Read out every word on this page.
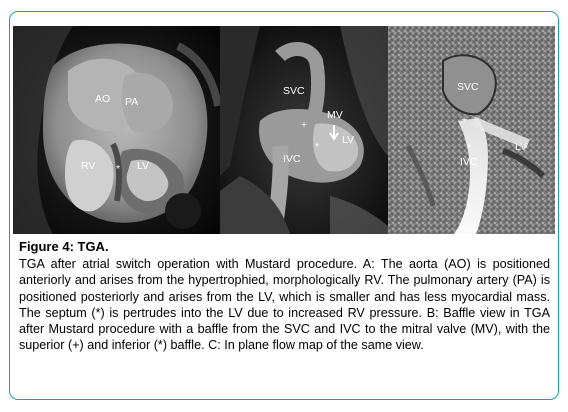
AO PA
RV	LV
*
SVC
MV
+
*
LV
IVC
SVC
+
*
IVC
LV

Figure 4: TGA.

TGA after atrial switch operation with Mustard procedure. A: The aorta (AO) is positioned anteriorly and arises from the hypertrophied, morphologically RV. The pulmonary artery (PA) is positioned posteriorly and arises from the LV, which is smaller and has less myocardial mass. The septum (*) is pertrudes into the LV due to increased RV pressure. B: Baffle view in TGA after Mustard procedure with a baffle from the SVC and IVC to the mitral valve (MV), with the superior (+) and inferior (*) baffle. C: In plane flow map of the same view.
